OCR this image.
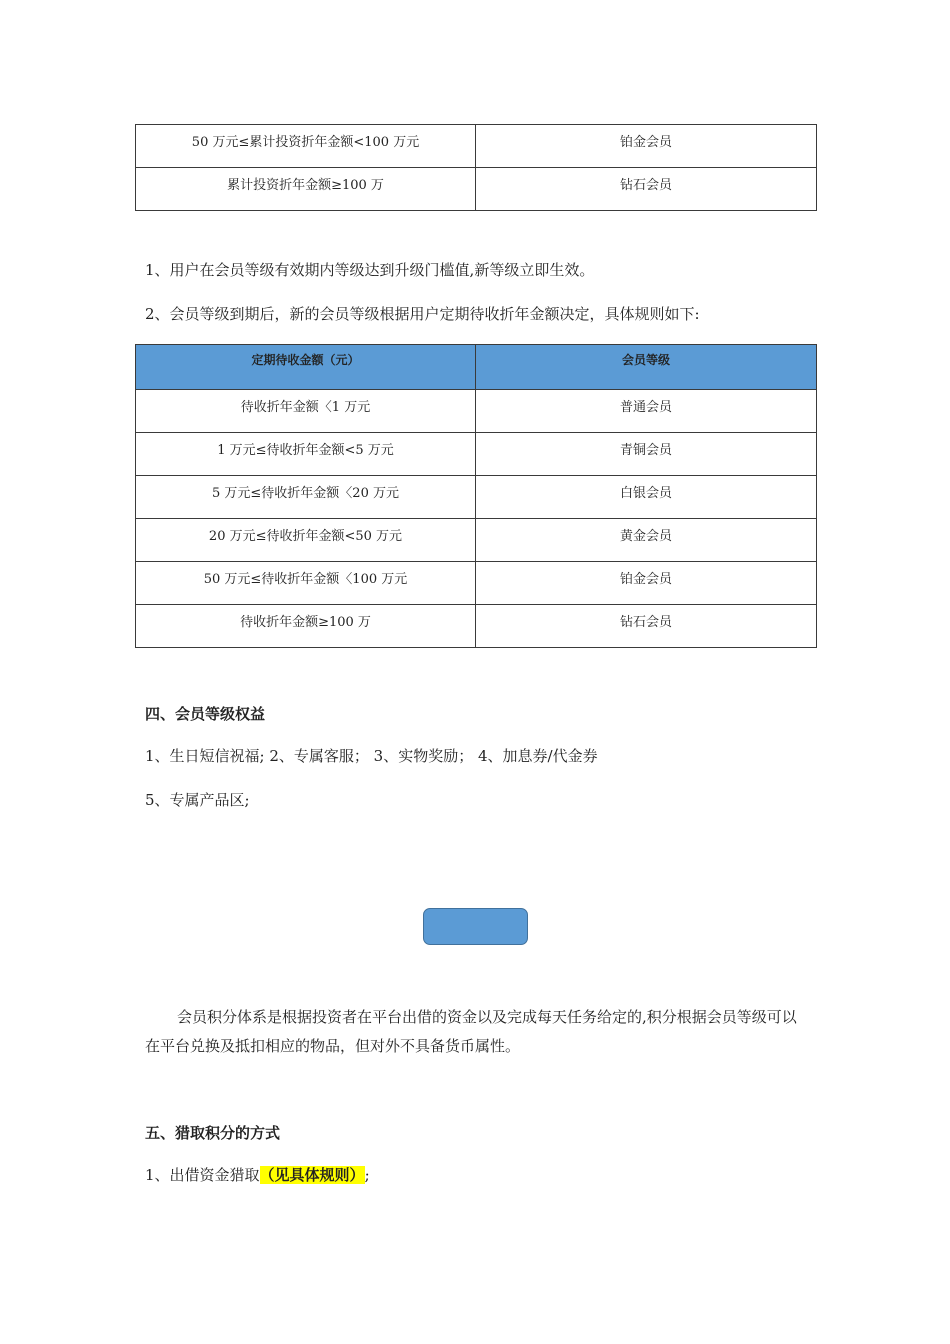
50 万元≤累计投资折年金额<100 万元	铂金会员
累计投资折年金额≥100 万	钻石会员

1、用户在会员等级有效期内等级达到升级门槛值,新等级立即生效。

2、会员等级到期后，新的会员等级根据用户定期待收折年金额决定，具体规则如下:

定期待收金额（元）	会员等级
待收折年金额〈1 万元	普通会员
1 万元≤待收折年金额<5 万元	青铜会员
5 万元≤待收折年金额〈20 万元	白银会员
20 万元≤待收折年金额<50 万元	黄金会员
50 万元≤待收折年金额〈100 万元	铂金会员
待收折年金额≥100 万	钻石会员

四、会员等级权益

1、生日短信祝福; 2、专属客服； 3、实物奖励； 4、加息券/代金券

5、专属产品区;

会员积分体系是根据投资者在平台出借的资金以及完成每天任务给定的,积分根据会员等级可以在平台兑换及抵扣相应的物品，但对外不具备货币属性。

五、猎取积分的方式

1、出借资金猎取（见具体规则）;
